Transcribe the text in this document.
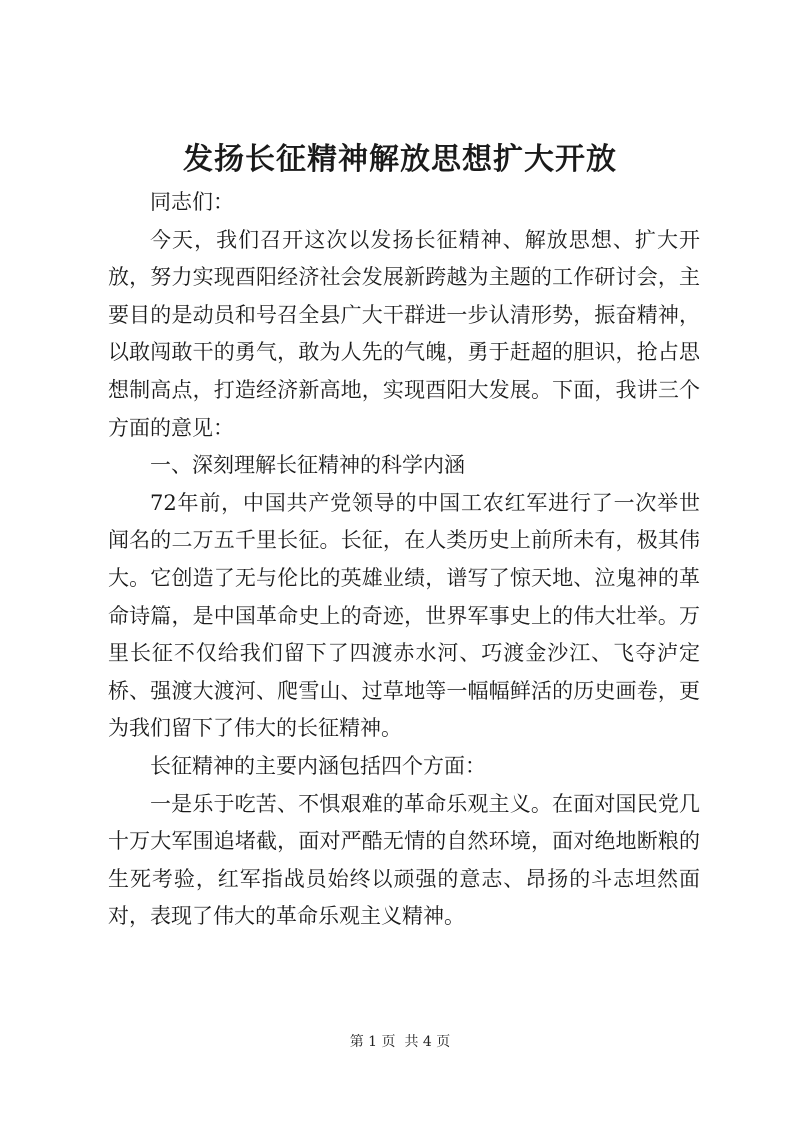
发扬长征精神解放思想扩大开放

同志们：

今天，我们召开这次以发扬长征精神、解放思想、扩大开放，努力实现酉阳经济社会发展新跨越为主题的工作研讨会，主要目的是动员和号召全县广大干群进一步认清形势，振奋精神，以敢闯敢干的勇气，敢为人先的气魄，勇于赶超的胆识，抢占思想制高点，打造经济新高地，实现酉阳大发展。下面，我讲三个方面的意见：

一、深刻理解长征精神的科学内涵

72年前，中国共产党领导的中国工农红军进行了一次举世闻名的二万五千里长征。长征，在人类历史上前所未有，极其伟大。它创造了无与伦比的英雄业绩，谱写了惊天地、泣鬼神的革命诗篇，是中国革命史上的奇迹，世界军事史上的伟大壮举。万里长征不仅给我们留下了四渡赤水河、巧渡金沙江、飞夺泸定桥、强渡大渡河、爬雪山、过草地等一幅幅鲜活的历史画卷，更为我们留下了伟大的长征精神。

长征精神的主要内涵包括四个方面：

一是乐于吃苦、不惧艰难的革命乐观主义。在面对国民党几十万大军围追堵截，面对严酷无情的自然环境，面对绝地断粮的生死考验，红军指战员始终以顽强的意志、昂扬的斗志坦然面对，表现了伟大的革命乐观主义精神。

第 1 页  共 4 页
